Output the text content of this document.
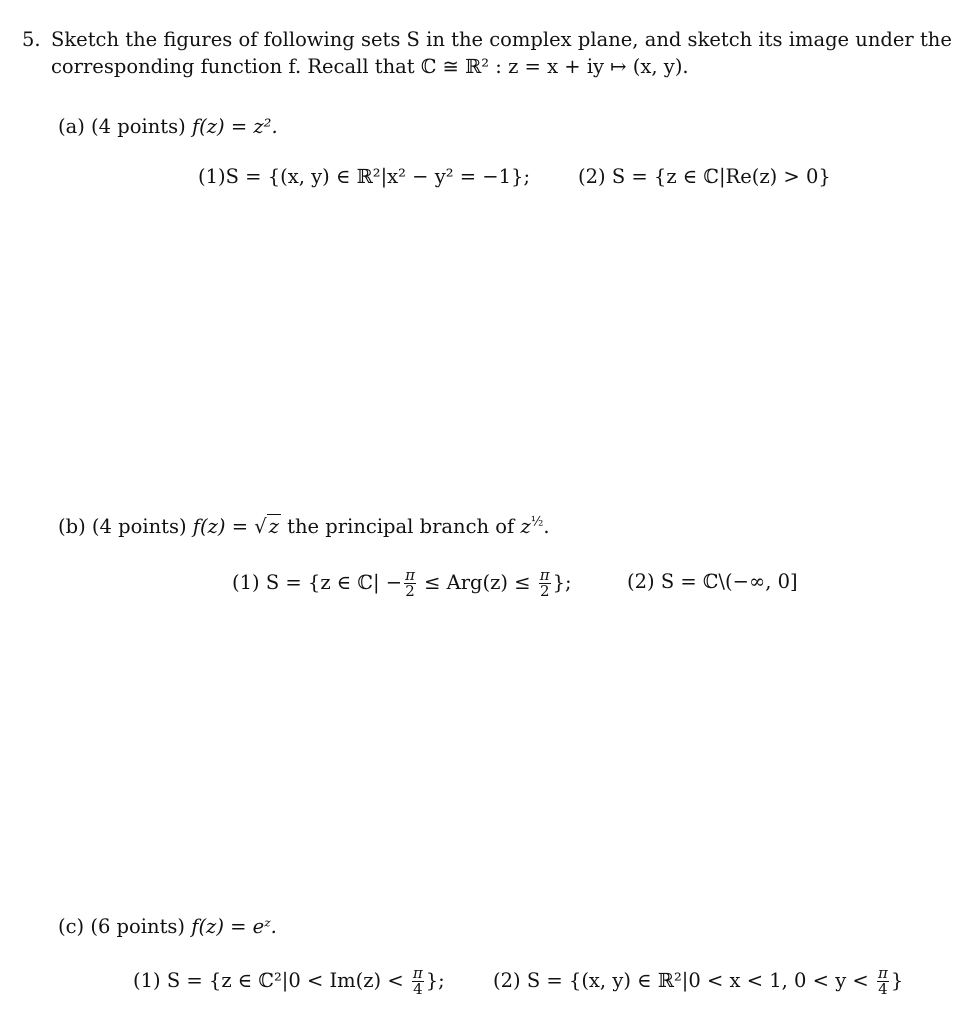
5. Sketch the figures of following sets S in the complex plane, and sketch its image under the
corresponding function f. Recall that ℂ ≅ ℝ² : z = x + iy ↦ (x, y).
(a) (4 points) f(z) = z².
(1)S = {(x, y) ∈ ℝ²|x² − y² = −1}; (2) S = {z ∈ ℂ|Re(z) > 0}
(b) (4 points) f(z) = √ z the principal branch of $z^{\frac{1}{2}}$.
(1) S = {z ∈ ℂ| − $\frac{\pi}{2} \le Arg(z) \le \frac{\pi}{2}$ };	(2) S = ℂ\(−∞, 0]
(c) (6 points) f(z) = eᶻ.
(1) S = {z ∈ ℂ²|0 < $Im(z) < \frac{\pi}{4}$ }; (2) S = {(x, y) ∈ ℝ²|0 < x < 1, $0 < y < \frac{\pi}{4}$ }
